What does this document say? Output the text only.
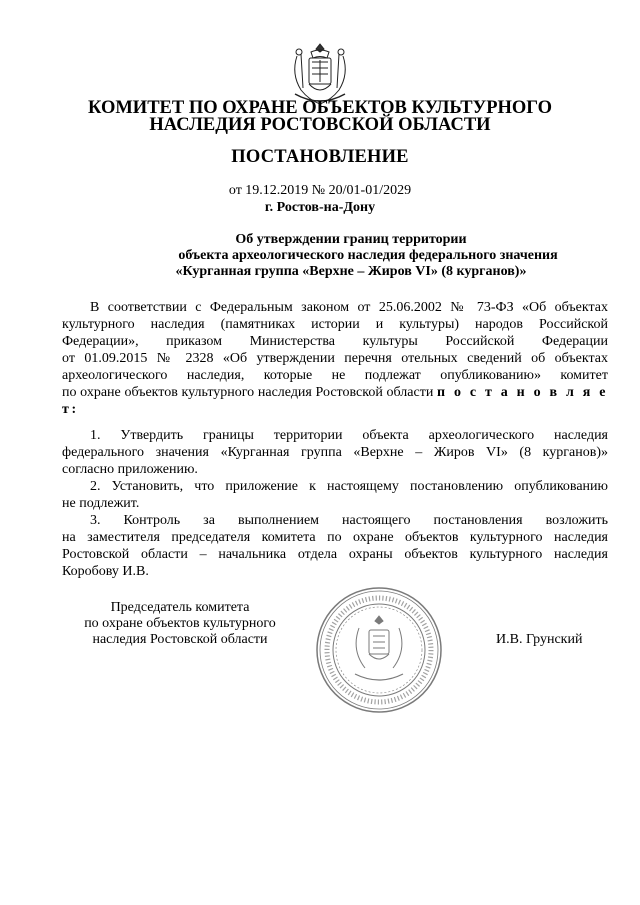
КОМИТЕТ ПО ОХРАНЕ ОБЪЕКТОВ КУЛЬТУРНОГО
НАСЛЕДИЯ РОСТОВСКОЙ ОБЛАСТИ
ПОСТАНОВЛЕНИЕ
от 19.12.2019 № 20/01-01/2029
г. Ростов-на-Дону
Об утверждении границ территории
объекта археологического наследия федерального значения
«Курганная группа «Верхне – Жиров VI» (8 курганов)»
В соответствии с Федеральным законом от 25.06.2002 № 73-ФЗ «Об объектах
культурного наследия (памятниках истории и культуры) народов Российской
Федерации», приказом Министерства культуры Российской Федерации
от 01.09.2015 № 2328 «Об утверждении перечня отельных сведений об объектах
археологического наследия, которые не подлежат опубликованию» комитет
по охране объектов культурного наследия Ростовской области п о с т а н о в л я е т:
1. Утвердить границы территории объекта археологического наследия
федерального значения «Курганная группа «Верхне – Жиров VI» (8 курганов)»
согласно приложению.
2. Установить, что приложение к настоящему постановлению опубликованию
не подлежит.
3. Контроль за выполнением настоящего постановления возложить
на заместителя председателя комитета по охране объектов культурного наследия
Ростовской области – начальника отдела охраны объектов культурного наследия
Коробову И.В.
Председатель комитета
по охране объектов культурного
наследия Ростовской области	И.В. Грунский
